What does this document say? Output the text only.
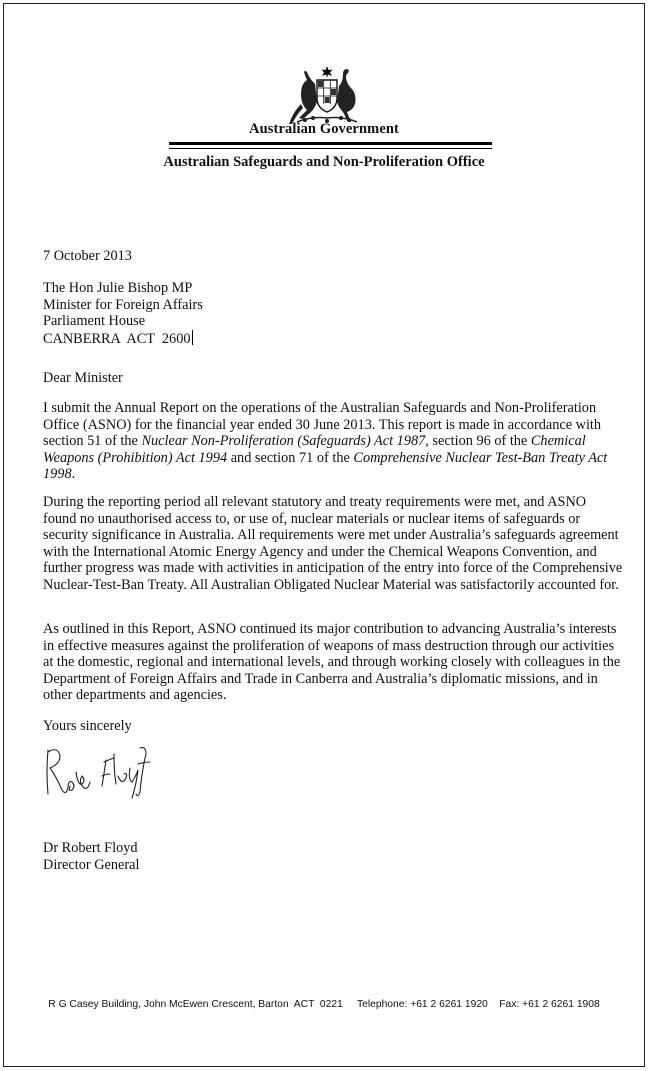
Australian Government
Australian Safeguards and Non-Proliferation Office
7 October 2013
The Hon Julie Bishop MP
Minister for Foreign Affairs
Parliament House
CANBERRA  ACT  2600
Dear Minister
I submit the Annual Report on the operations of the Australian Safeguards and Non-Proliferation Office (ASNO) for the financial year ended 30 June 2013. This report is made in accordance with section 51 of the Nuclear Non-Proliferation (Safeguards) Act 1987, section 96 of the Chemical Weapons (Prohibition) Act 1994 and section 71 of the Comprehensive Nuclear Test-Ban Treaty Act 1998.
During the reporting period all relevant statutory and treaty requirements were met, and ASNO found no unauthorised access to, or use of, nuclear materials or nuclear items of safeguards or security significance in Australia. All requirements were met under Australia’s safeguards agreement with the International Atomic Energy Agency and under the Chemical Weapons Convention, and further progress was made with activities in anticipation of the entry into force of the Comprehensive Nuclear-Test-Ban Treaty. All Australian Obligated Nuclear Material was satisfactorily accounted for.
As outlined in this Report, ASNO continued its major contribution to advancing Australia’s interests in effective measures against the proliferation of weapons of mass destruction through our activities at the domestic, regional and international levels, and through working closely with colleagues in the Department of Foreign Affairs and Trade in Canberra and Australia’s diplomatic missions, and in other departments and agencies.
Yours sincerely
Dr Robert Floyd
Director General
R G Casey Building, John McEwen Crescent, Barton  ACT  0221 Telephone: +61 2 6261 1920 Fax: +61 2 6261 1908
